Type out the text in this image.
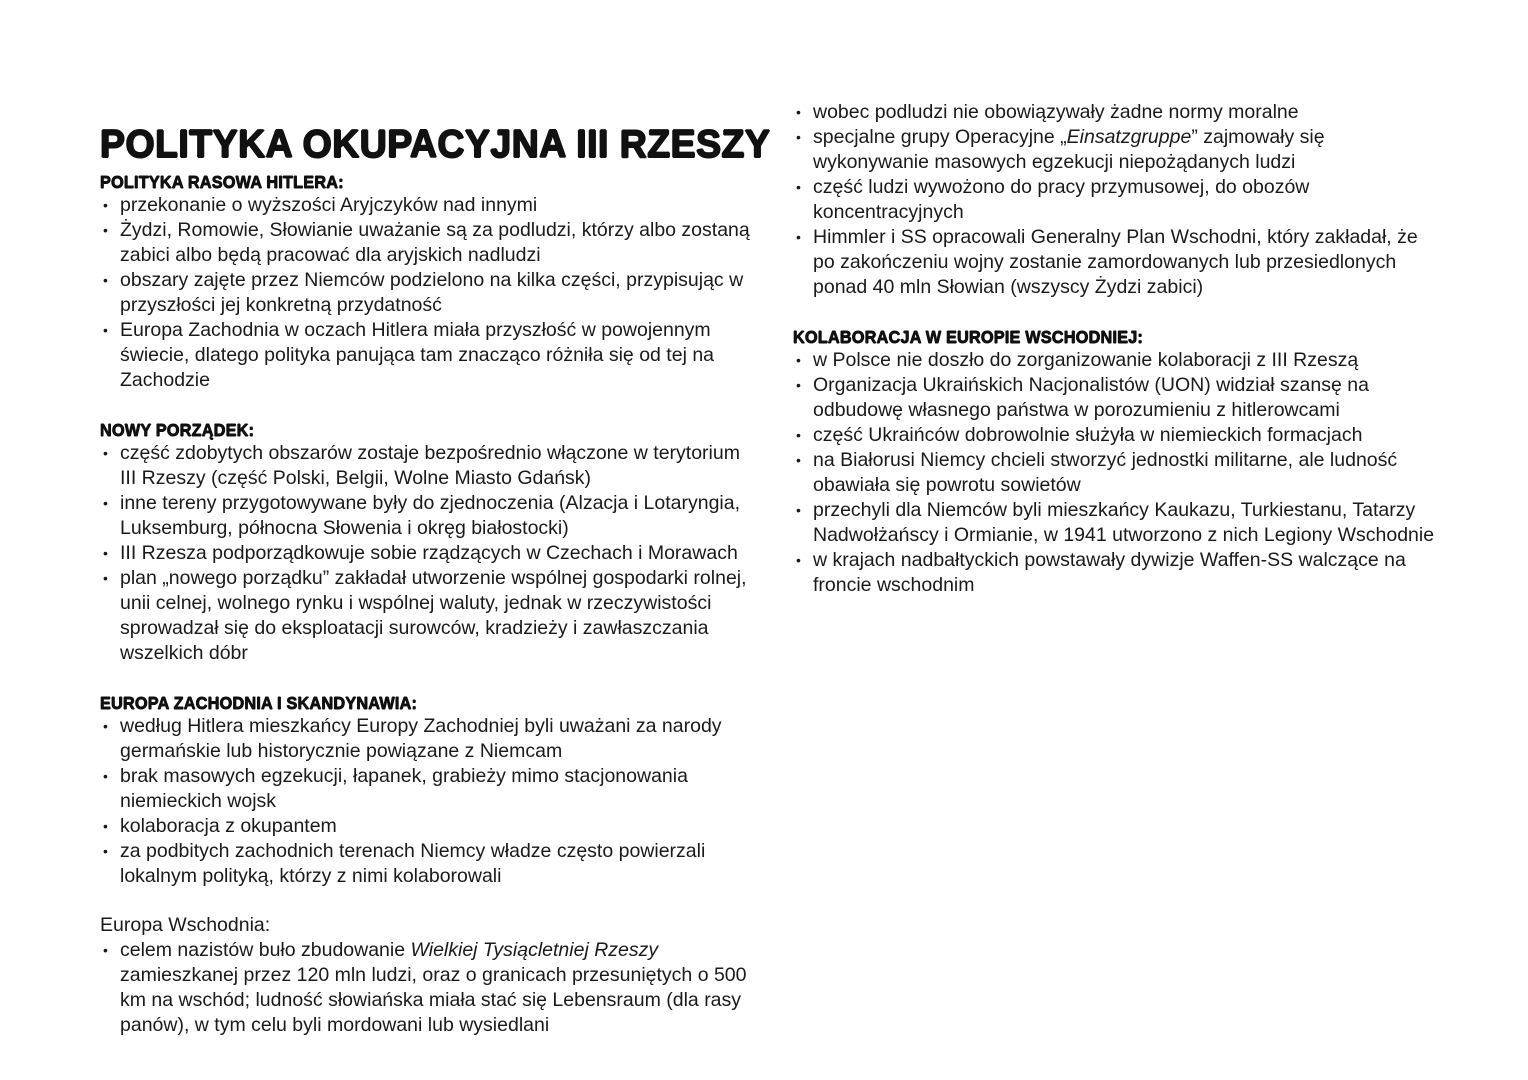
POLITYKA OKUPACYJNA III RZESZY
POLITYKA RASOWA HITLERA:
• przekonanie o wyższości Aryjczyków nad innymi
• Żydzi, Romowie, Słowianie uważanie są za podludzi, którzy albo zostaną zabici albo będą pracować dla aryjskich nadludzi
• obszary zajęte przez Niemców podzielono na kilka części, przypisując w przyszłości jej konkretną przydatność
• Europa Zachodnia w oczach Hitlera miała przyszłość w powojennym świecie, dlatego polityka panująca tam znacząco różniła się od tej na Zachodzie
NOWY PORZĄDEK:
• część zdobytych obszarów zostaje bezpośrednio włączone w terytorium III Rzeszy (część Polski, Belgii, Wolne Miasto Gdańsk)
• inne tereny przygotowywane były do zjednoczenia (Alzacja i Lotaryngia, Luksemburg, północna Słowenia i okręg białostocki)
• III Rzesza podporządkowuje sobie rządzących w Czechach i Morawach
• plan „nowego porządku” zakładał utworzenie wspólnej gospodarki rolnej, unii celnej, wolnego rynku i wspólnej waluty, jednak w rzeczywistości sprowadzał się do eksploatacji surowców, kradzieży i zawłaszczania wszelkich dóbr
EUROPA ZACHODNIA I SKANDYNAWIA:
• według Hitlera mieszkańcy Europy Zachodniej byli uważani za narody germańskie lub historycznie powiązane z Niemcam
• brak masowych egzekucji, łapanek, grabieży mimo stacjonowania niemieckich wojsk
• kolaboracja z okupantem
• za podbitych zachodnich terenach Niemcy władze często powierzali lokalnym polityką, którzy z nimi kolaborowali
Europa Wschodnia:
• celem nazistów buło zbudowanie Wielkiej Tysiącletniej Rzeszy zamieszkanej przez 120 mln ludzi, oraz o granicach przesuniętych o 500 km na wschód; ludność słowiańska miała stać się Lebensraum (dla rasy panów), w tym celu byli mordowani lub wysiedlani
• wobec podludzi nie obowiązywały żadne normy moralne
• specjalne grupy Operacyjne „Einsatzgruppe” zajmowały się wykonywanie masowych egzekucji niepożądanych ludzi
• część ludzi wywożono do pracy przymusowej, do obozów koncentracyjnych
• Himmler i SS opracowali Generalny Plan Wschodni, który zakładał, że po zakończeniu wojny zostanie zamordowanych lub przesiedlonych ponad 40 mln Słowian (wszyscy Żydzi zabici)
KOLABORACJA W EUROPIE WSCHODNIEJ:
• w Polsce nie doszło do zorganizowanie kolaboracji z III Rzeszą
• Organizacja Ukraińskich Nacjonalistów (UON) widział szansę na odbudowę własnego państwa w porozumieniu z hitlerowcami
• część Ukraińców dobrowolnie służyła w niemieckich formacjach
• na Białorusi Niemcy chcieli stworzyć jednostki militarne, ale ludność obawiała się powrotu sowietów
• przechyli dla Niemców byli mieszkańcy Kaukazu, Turkiestanu, Tatarzy Nadwołżańscy i Ormianie, w 1941 utworzono z nich Legiony Wschodnie
• w krajach nadbałtyckich powstawały dywizje Waffen-SS walczące na froncie wschodnim
